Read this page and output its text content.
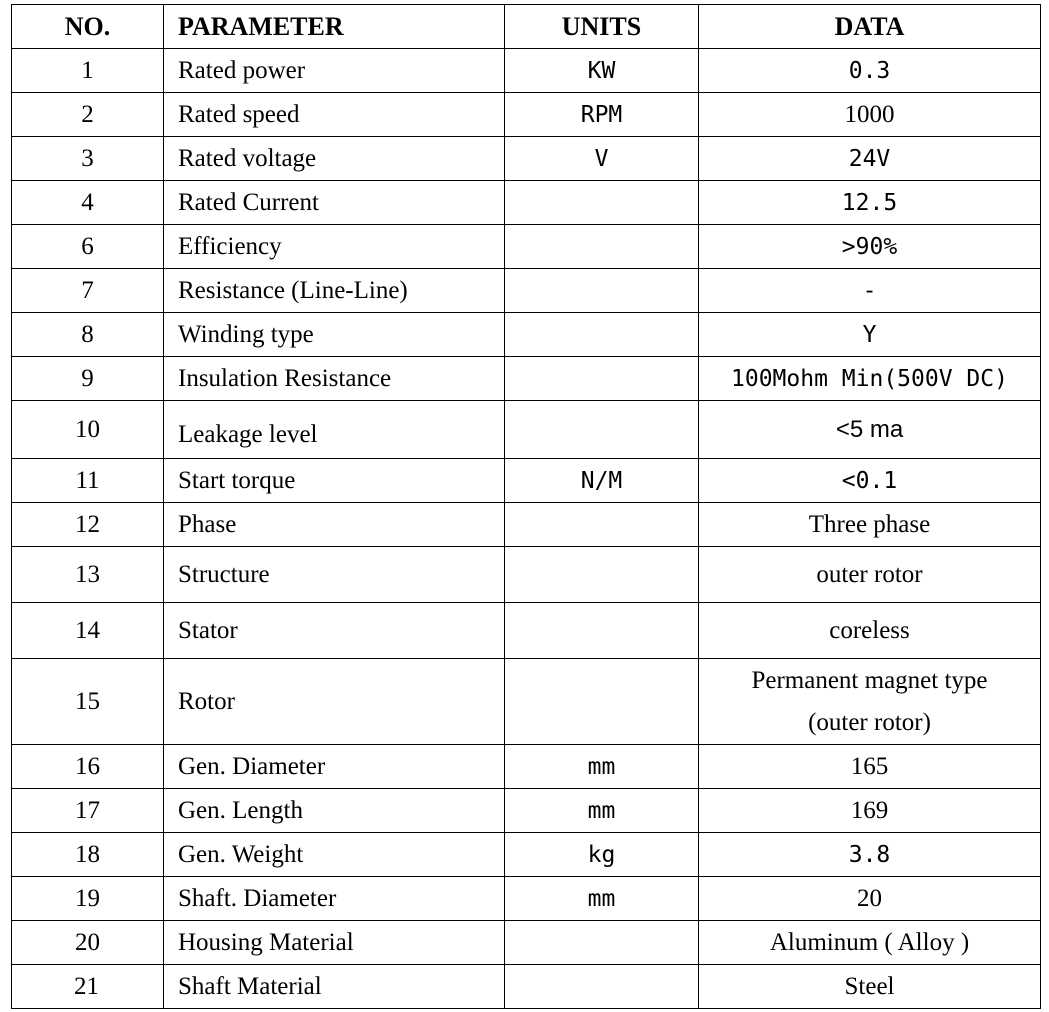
NO.	PARAMETER	UNITS	DATA
1	Rated power	KW	0.3
2	Rated speed	RPM	1000
3	Rated voltage	V	24V
4	Rated Current		12.5
6	Efficiency		>90%
7	Resistance (Line-Line)		-
8	Winding type		Y
9	Insulation Resistance		100Mohm Min(500V DC)
10	Leakage level		<5 ma
11	Start torque	N/M	<0.1
12	Phase		Three phase
13	Structure		outer rotor
14	Stator		coreless
15	Rotor		Permanent magnet type (outer rotor)
16	Gen. Diameter	mm	165
17	Gen. Length	mm	169
18	Gen. Weight	kg	3.8
19	Shaft. Diameter	mm	20
20	Housing Material		Aluminum ( Alloy )
21	Shaft Material		Steel
